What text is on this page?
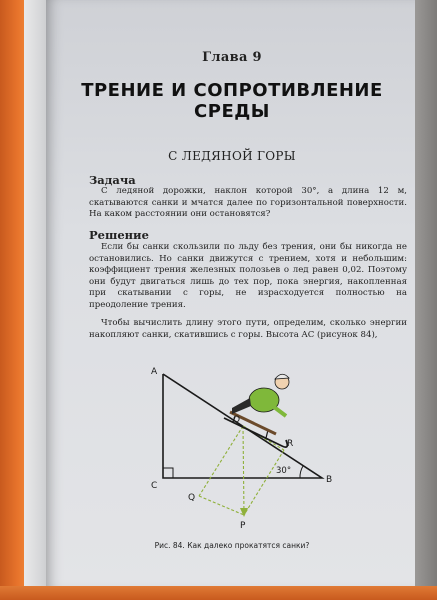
Глава 9
ТРЕНИЕ И СОПРОТИВЛЕНИЕ СРЕДЫ
С ЛЕДЯНОЙ ГОРЫ
Задача
С ледяной дорожки, наклон которой 30°, а длина 12 м, скатываются санки и мчатся далее по горизонтальной поверхности. На каком расстоянии они остановятся?
Решение
Если бы санки скользили по льду без трения, они бы никогда не остановились. Но санки движутся с трением, хотя и небольшим: коэффициент трения железных полозьев о лед равен 0,02. Поэтому они будут двигаться лишь до тех пор, пока энергия, накопленная при скатывании с горы, не израсходуется полностью на преодоление трения.
Чтобы вычислить длину этого пути, определим, сколько энергии накопляют санки, скатившись с горы. Высота AC (рисунок 84),
A
C
B
O
R
Q
P
30°
Рис. 84. Как далеко прокатятся санки?
